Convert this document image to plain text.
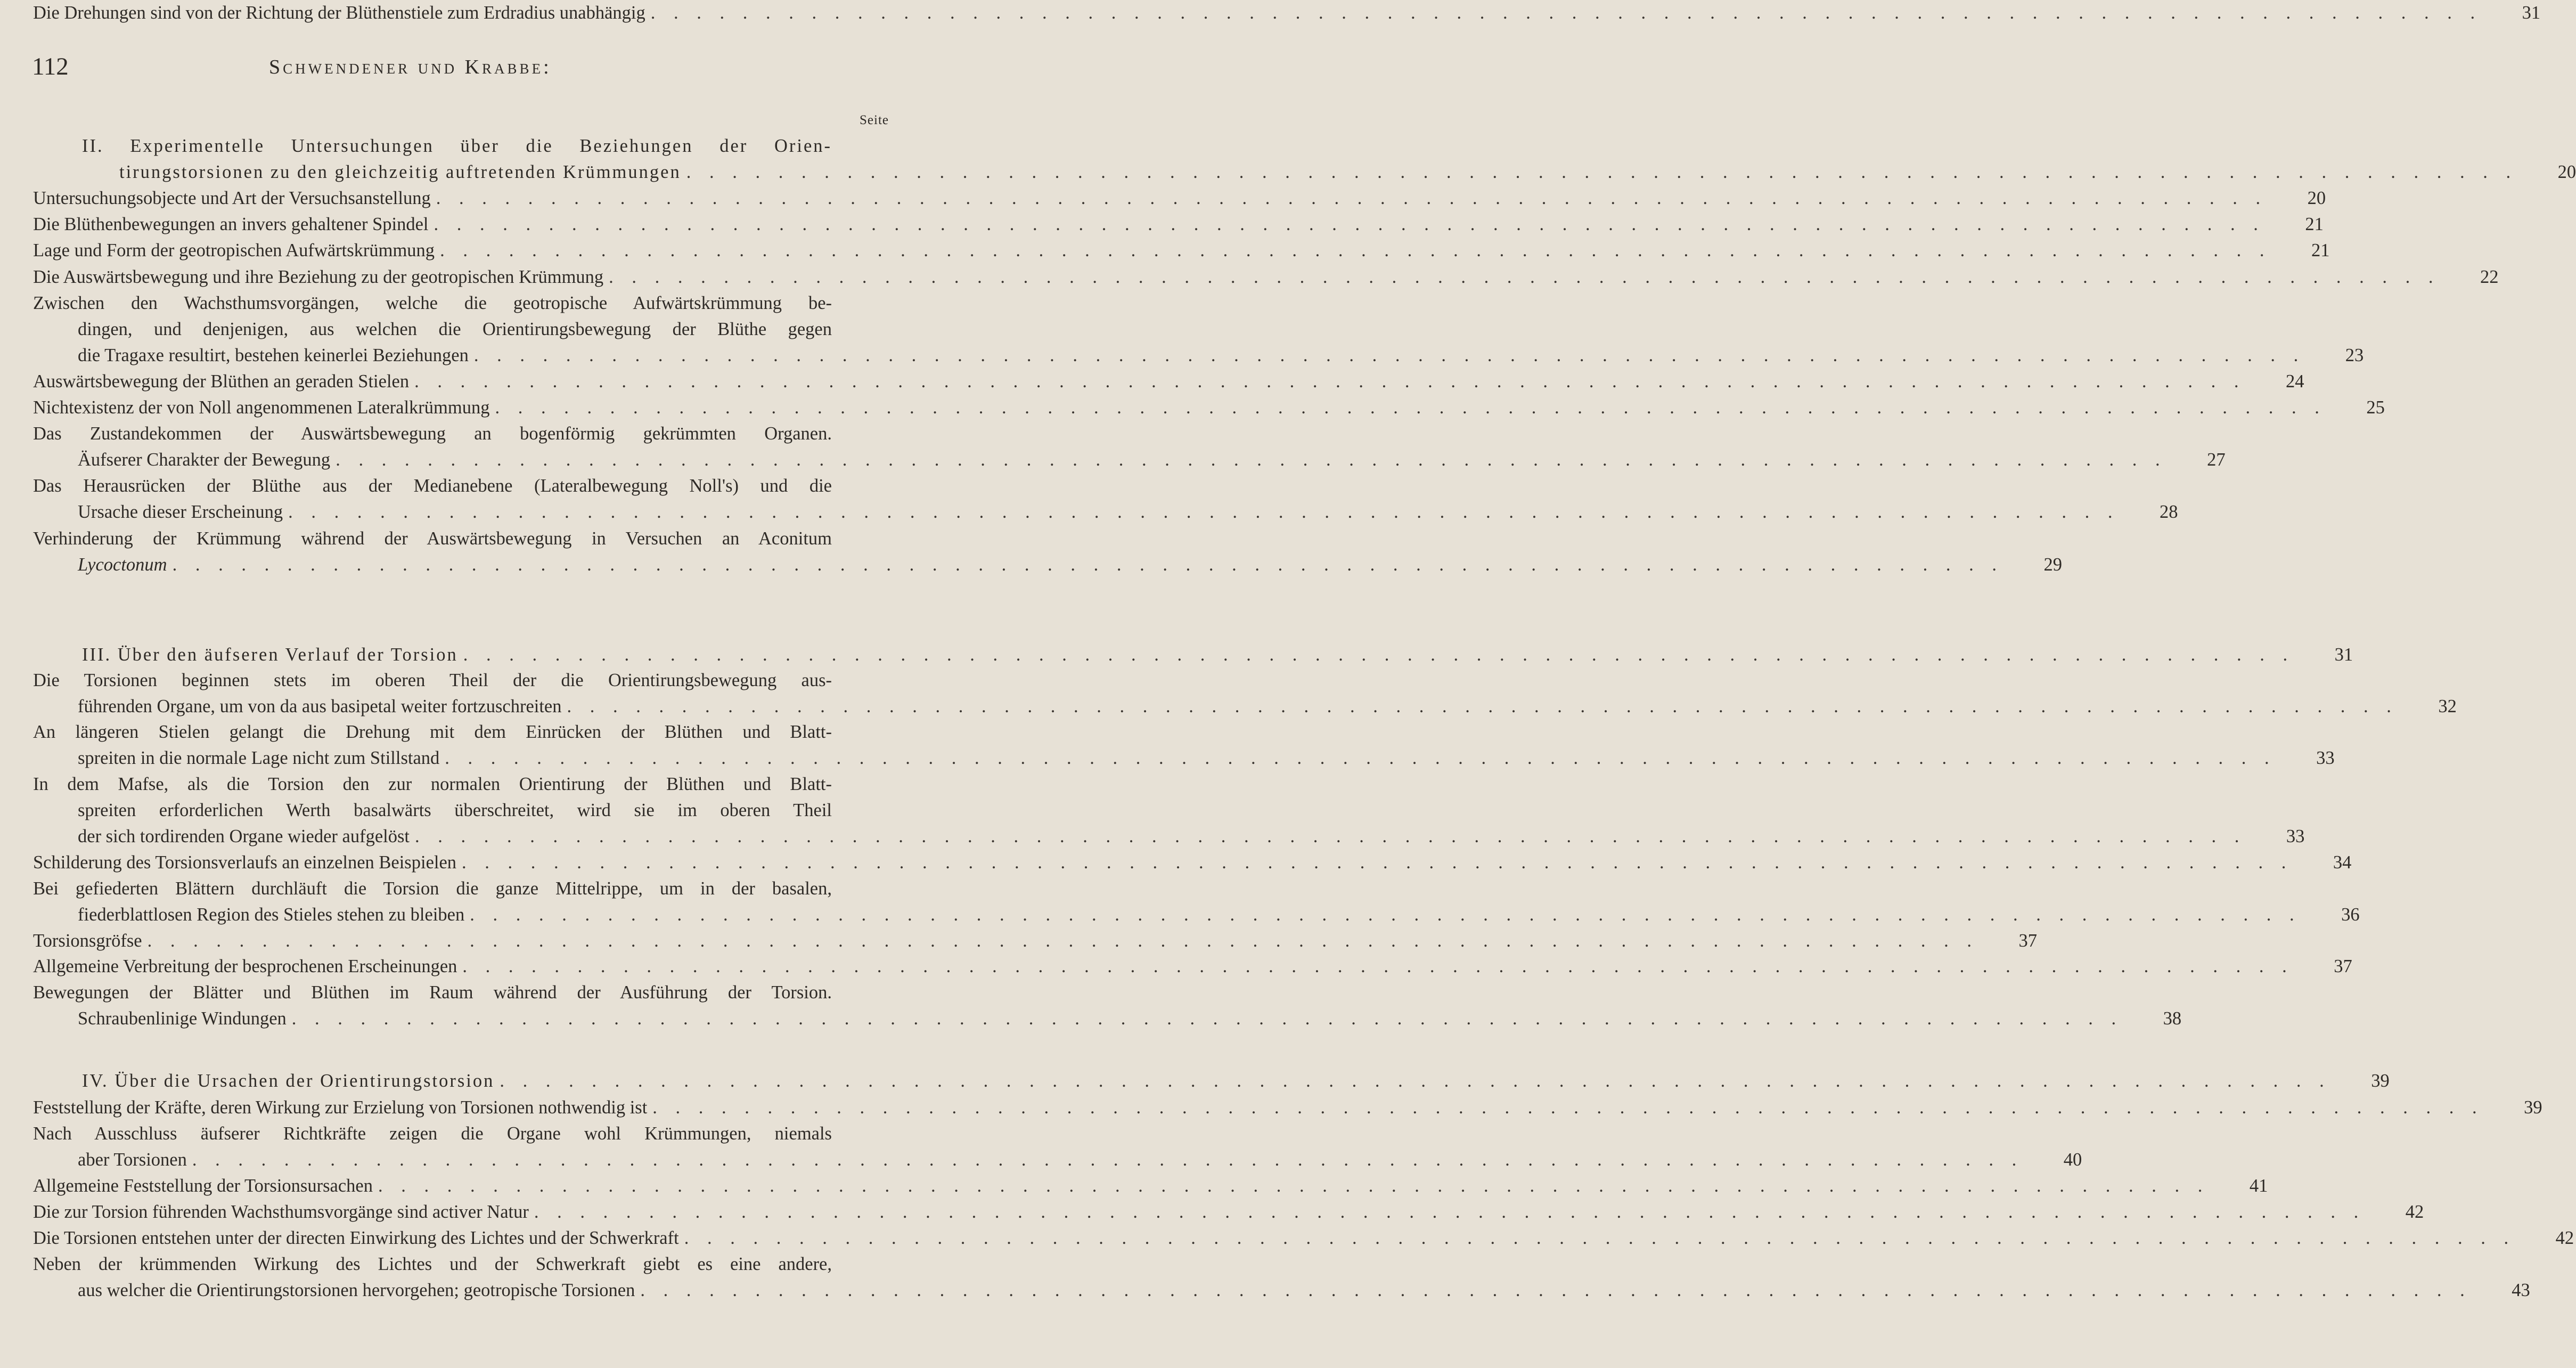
112	Schwendener und Krabbe:
Seite
II. Experimentelle Untersuchungen über die Beziehungen der Orien-
tirungstorsionen zu den gleichzeitig auftretenden Krümmungen . . . . . . . . . . . . . . . . . . . . . . . . . . . . . . . . . . . . . . . . . . . . . . . . . . . . . . . . . . . . . . . . . . . . . . . . . . . . . . . .	20
Untersuchungsobjecte und Art der Versuchsanstellung . . . . . . . . . . . . . . . . . . . . . . . . . . . . . . . . . . . . . . . . . . . . . . . . . . . . . . . . . . . . . . . . . . . . . . . . . . . . . . . .	20
Die Blüthenbewegungen an invers gehaltener Spindel . . . . . . . . . . . . . . . . . . . . . . . . . . . . . . . . . . . . . . . . . . . . . . . . . . . . . . . . . . . . . . . . . . . . . . . . . . . . . . . .	21
Lage und Form der geotropischen Aufwärtskrümmung . . . . . . . . . . . . . . . . . . . . . . . . . . . . . . . . . . . . . . . . . . . . . . . . . . . . . . . . . . . . . . . . . . . . . . . . . . . . . . . .	21
Die Auswärtsbewegung und ihre Beziehung zu der geotropischen Krümmung . . . . . . . . . . . . . . . . . . . . . . . . . . . . . . . . . . . . . . . . . . . . . . . . . . . . . . . . . . . . . . . . . . . . . . . . . . . . . . . .	22
Zwischen den Wachsthumsvorgängen, welche die geotropische Aufwärtskrümmung be-
dingen, und denjenigen, aus welchen die Orientirungsbewegung der Blüthe gegen
die Tragaxe resultirt, bestehen keinerlei Beziehungen . . . . . . . . . . . . . . . . . . . . . . . . . . . . . . . . . . . . . . . . . . . . . . . . . . . . . . . . . . . . . . . . . . . . . . . . . . . . . . . .	23
Auswärtsbewegung der Blüthen an geraden Stielen . . . . . . . . . . . . . . . . . . . . . . . . . . . . . . . . . . . . . . . . . . . . . . . . . . . . . . . . . . . . . . . . . . . . . . . . . . . . . . . .	24
Nichtexistenz der von Noll angenommenen Lateralkrümmung . . . . . . . . . . . . . . . . . . . . . . . . . . . . . . . . . . . . . . . . . . . . . . . . . . . . . . . . . . . . . . . . . . . . . . . . . . . . . . . .	25
Das Zustandekommen der Auswärtsbewegung an bogenförmig gekrümmten Organen.
Äufserer Charakter der Bewegung . . . . . . . . . . . . . . . . . . . . . . . . . . . . . . . . . . . . . . . . . . . . . . . . . . . . . . . . . . . . . . . . . . . . . . . . . . . . . . . .	27
Das Herausrücken der Blüthe aus der Medianebene (Lateralbewegung Noll's) und die
Ursache dieser Erscheinung . . . . . . . . . . . . . . . . . . . . . . . . . . . . . . . . . . . . . . . . . . . . . . . . . . . . . . . . . . . . . . . . . . . . . . . . . . . . . . . .	28
Verhinderung der Krümmung während der Auswärtsbewegung in Versuchen an Aconitum
Lycoctonum . . . . . . . . . . . . . . . . . . . . . . . . . . . . . . . . . . . . . . . . . . . . . . . . . . . . . . . . . . . . . . . . . . . . . . . . . . . . . . . .	29
Die Drehungen sind von der Richtung der Blüthenstiele zum Erdradius unabhängig . . . . . . . . . . . . . . . . . . . . . . . . . . . . . . . . . . . . . . . . . . . . . . . . . . . . . . . . . . . . . . . . . . . . . . . . . . . . . . . .	31
III. Über den äufseren Verlauf der Torsion . . . . . . . . . . . . . . . . . . . . . . . . . . . . . . . . . . . . . . . . . . . . . . . . . . . . . . . . . . . . . . . . . . . . . . . . . . . . . . . .	31
Die Torsionen beginnen stets im oberen Theil der die Orientirungsbewegung aus-
führenden Organe, um von da aus basipetal weiter fortzuschreiten . . . . . . . . . . . . . . . . . . . . . . . . . . . . . . . . . . . . . . . . . . . . . . . . . . . . . . . . . . . . . . . . . . . . . . . . . . . . . . . .	32
An längeren Stielen gelangt die Drehung mit dem Einrücken der Blüthen und Blatt-
spreiten in die normale Lage nicht zum Stillstand . . . . . . . . . . . . . . . . . . . . . . . . . . . . . . . . . . . . . . . . . . . . . . . . . . . . . . . . . . . . . . . . . . . . . . . . . . . . . . . .	33
In dem Mafse, als die Torsion den zur normalen Orientirung der Blüthen und Blatt-
spreiten erforderlichen Werth basalwärts überschreitet, wird sie im oberen Theil
der sich tordirenden Organe wieder aufgelöst . . . . . . . . . . . . . . . . . . . . . . . . . . . . . . . . . . . . . . . . . . . . . . . . . . . . . . . . . . . . . . . . . . . . . . . . . . . . . . . .	33
Schilderung des Torsionsverlaufs an einzelnen Beispielen . . . . . . . . . . . . . . . . . . . . . . . . . . . . . . . . . . . . . . . . . . . . . . . . . . . . . . . . . . . . . . . . . . . . . . . . . . . . . . . .	34
Bei gefiederten Blättern durchläuft die Torsion die ganze Mittelrippe, um in der basalen,
fiederblattlosen Region des Stieles stehen zu bleiben . . . . . . . . . . . . . . . . . . . . . . . . . . . . . . . . . . . . . . . . . . . . . . . . . . . . . . . . . . . . . . . . . . . . . . . . . . . . . . . .	36
Torsionsgröfse . . . . . . . . . . . . . . . . . . . . . . . . . . . . . . . . . . . . . . . . . . . . . . . . . . . . . . . . . . . . . . . . . . . . . . . . . . . . . . . .	37
Allgemeine Verbreitung der besprochenen Erscheinungen . . . . . . . . . . . . . . . . . . . . . . . . . . . . . . . . . . . . . . . . . . . . . . . . . . . . . . . . . . . . . . . . . . . . . . . . . . . . . . . .	37
Bewegungen der Blätter und Blüthen im Raum während der Ausführung der Torsion.
Schraubenlinige Windungen . . . . . . . . . . . . . . . . . . . . . . . . . . . . . . . . . . . . . . . . . . . . . . . . . . . . . . . . . . . . . . . . . . . . . . . . . . . . . . . .	38
IV. Über die Ursachen der Orientirungstorsion . . . . . . . . . . . . . . . . . . . . . . . . . . . . . . . . . . . . . . . . . . . . . . . . . . . . . . . . . . . . . . . . . . . . . . . . . . . . . . . .	39
Feststellung der Kräfte, deren Wirkung zur Erzielung von Torsionen nothwendig ist . . . . . . . . . . . . . . . . . . . . . . . . . . . . . . . . . . . . . . . . . . . . . . . . . . . . . . . . . . . . . . . . . . . . . . . . . . . . . . . .	39
Nach Ausschluss äufserer Richtkräfte zeigen die Organe wohl Krümmungen, niemals
aber Torsionen . . . . . . . . . . . . . . . . . . . . . . . . . . . . . . . . . . . . . . . . . . . . . . . . . . . . . . . . . . . . . . . . . . . . . . . . . . . . . . . .	40
Allgemeine Feststellung der Torsionsursachen . . . . . . . . . . . . . . . . . . . . . . . . . . . . . . . . . . . . . . . . . . . . . . . . . . . . . . . . . . . . . . . . . . . . . . . . . . . . . . . .	41
Die zur Torsion führenden Wachsthumsvorgänge sind activer Natur . . . . . . . . . . . . . . . . . . . . . . . . . . . . . . . . . . . . . . . . . . . . . . . . . . . . . . . . . . . . . . . . . . . . . . . . . . . . . . . .	42
Die Torsionen entstehen unter der directen Einwirkung des Lichtes und der Schwerkraft . . . . . . . . . . . . . . . . . . . . . . . . . . . . . . . . . . . . . . . . . . . . . . . . . . . . . . . . . . . . . . . . . . . . . . . . . . . . . . . .	42
Neben der krümmenden Wirkung des Lichtes und der Schwerkraft giebt es eine andere,
aus welcher die Orientirungstorsionen hervorgehen; geotropische Torsionen . . . . . . . . . . . . . . . . . . . . . . . . . . . . . . . . . . . . . . . . . . . . . . . . . . . . . . . . . . . . . . . . . . . . . . . . . . . . . . . .	43
